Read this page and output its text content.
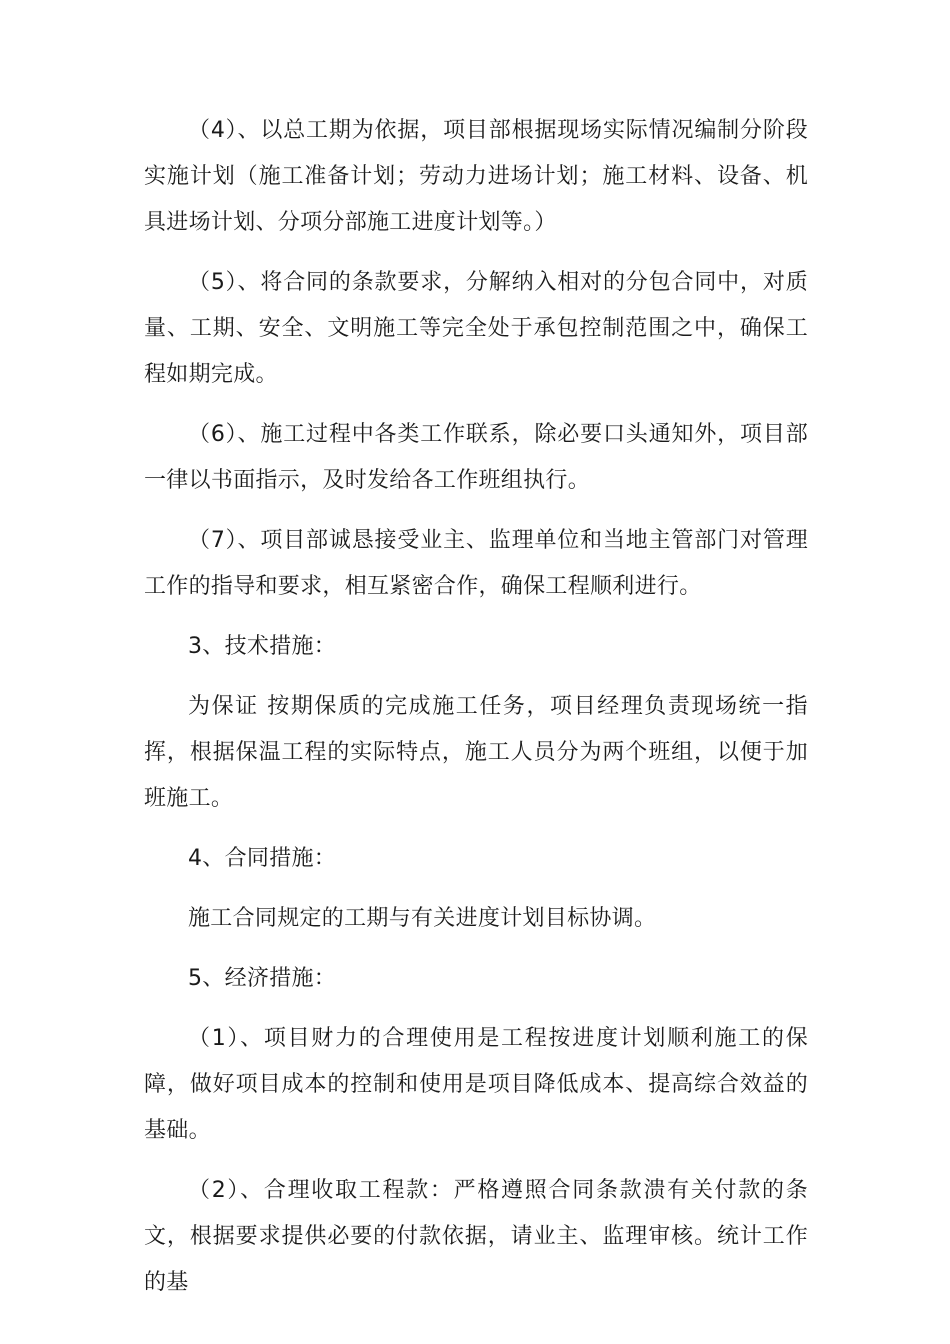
（4）、以总工期为依据，项目部根据现场实际情况编制分阶段实施计划（施工准备计划；劳动力进场计划；施工材料、设备、机具进场计划、分项分部施工进度计划等。）

（5）、将合同的条款要求，分解纳入相对的分包合同中，对质量、工期、安全、文明施工等完全处于承包控制范围之中，确保工程如期完成。

（6）、施工过程中各类工作联系，除必要口头通知外，项目部一律以书面指示，及时发给各工作班组执行。

（7）、项目部诚恳接受业主、监理单位和当地主管部门对管理工作的指导和要求，相互紧密合作，确保工程顺利进行。

3、技术措施：

为保证 按期保质的完成施工任务，项目经理负责现场统一指挥，根据保温工程的实际特点，施工人员分为两个班组，以便于加班施工。

4、合同措施：

施工合同规定的工期与有关进度计划目标协调。

5、经济措施：

（1）、项目财力的合理使用是工程按进度计划顺利施工的保障，做好项目成本的控制和使用是项目降低成本、提高综合效益的基础。

（2）、合理收取工程款：严格遵照合同条款溃有关付款的条文，根据要求提供必要的付款依据，请业主、监理审核。统计工作的基
